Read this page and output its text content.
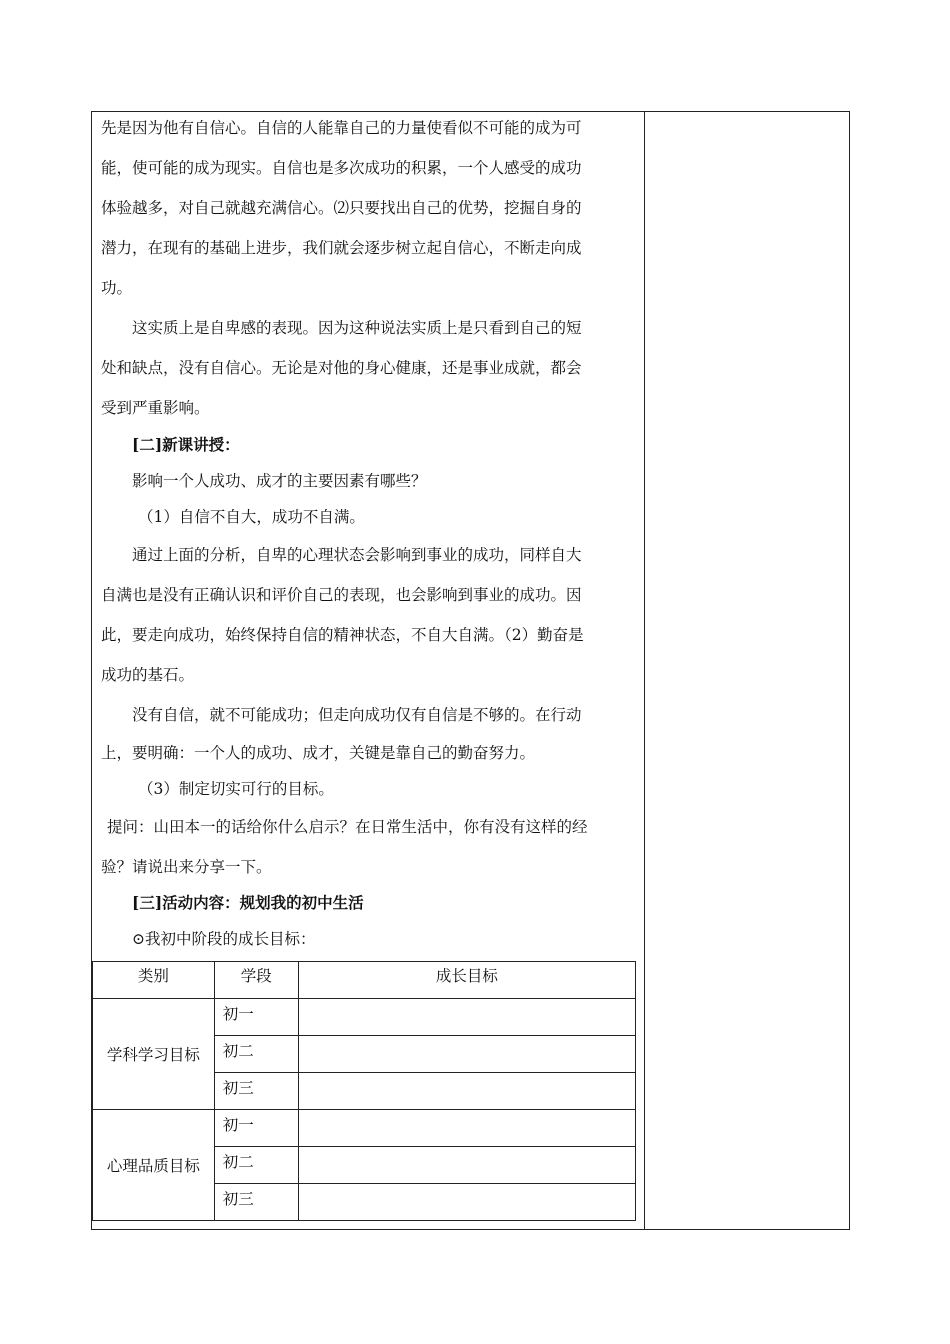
先是因为他有自信心。自信的人能靠自己的力量使看似不可能的成为可
能，使可能的成为现实。自信也是多次成功的积累，一个人感受的成功
体验越多，对自己就越充满信心。⑵只要找出自己的优势，挖掘自身的
潜力，在现有的基础上进步，我们就会逐步树立起自信心，不断走向成
功。
这实质上是自卑感的表现。因为这种说法实质上是只看到自己的短
处和缺点，没有自信心。无论是对他的身心健康，还是事业成就，都会
受到严重影响。
[二]新课讲授：
影响一个人成功、成才的主要因素有哪些？
（1）自信不自大，成功不自满。
通过上面的分析，自卑的心理状态会影响到事业的成功，同样自大
自满也是没有正确认识和评价自己的表现，也会影响到事业的成功。因
此，要走向成功，始终保持自信的精神状态，不自大自满。（2）勤奋是
成功的基石。
没有自信，就不可能成功；但走向成功仅有自信是不够的。在行动
上，要明确：一个人的成功、成才，关键是靠自己的勤奋努力。
（3）制定切实可行的目标。
提问：山田本一的话给你什么启示？在日常生活中，你有没有这样的经
验？请说出来分享一下。
[三]活动内容：规划我的初中生活
⊙我初中阶段的成长目标：
类别	学段	成长目标
学科学习目标	初一	
	初二	
	初三	
心理品质目标	初一	
	初二	
	初三	
